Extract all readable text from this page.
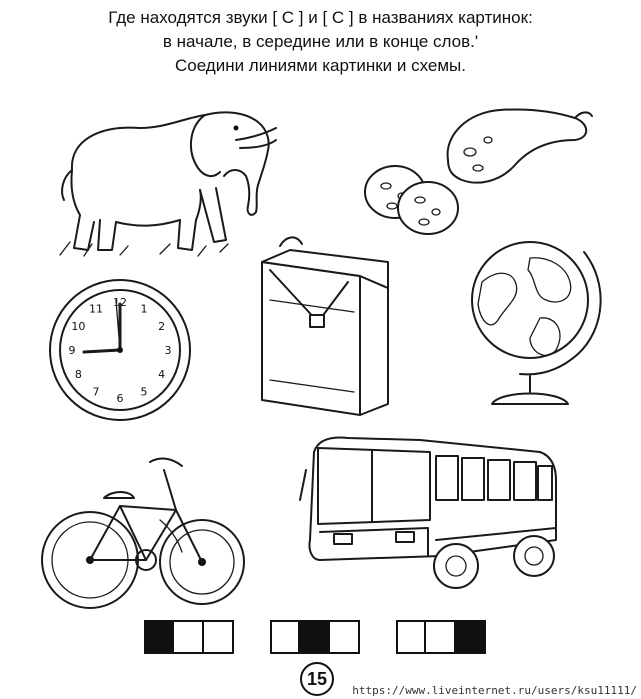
Где находятся звуки [ С ] и [ С ] в названиях картинок:
в начале, в середине или в конце слов.'
Соедини линиями картинки и схемы.
12 1
2
3
4
5
6
7
8
9
10
11
15
https://www.liveinternet.ru/users/ksu11111/
